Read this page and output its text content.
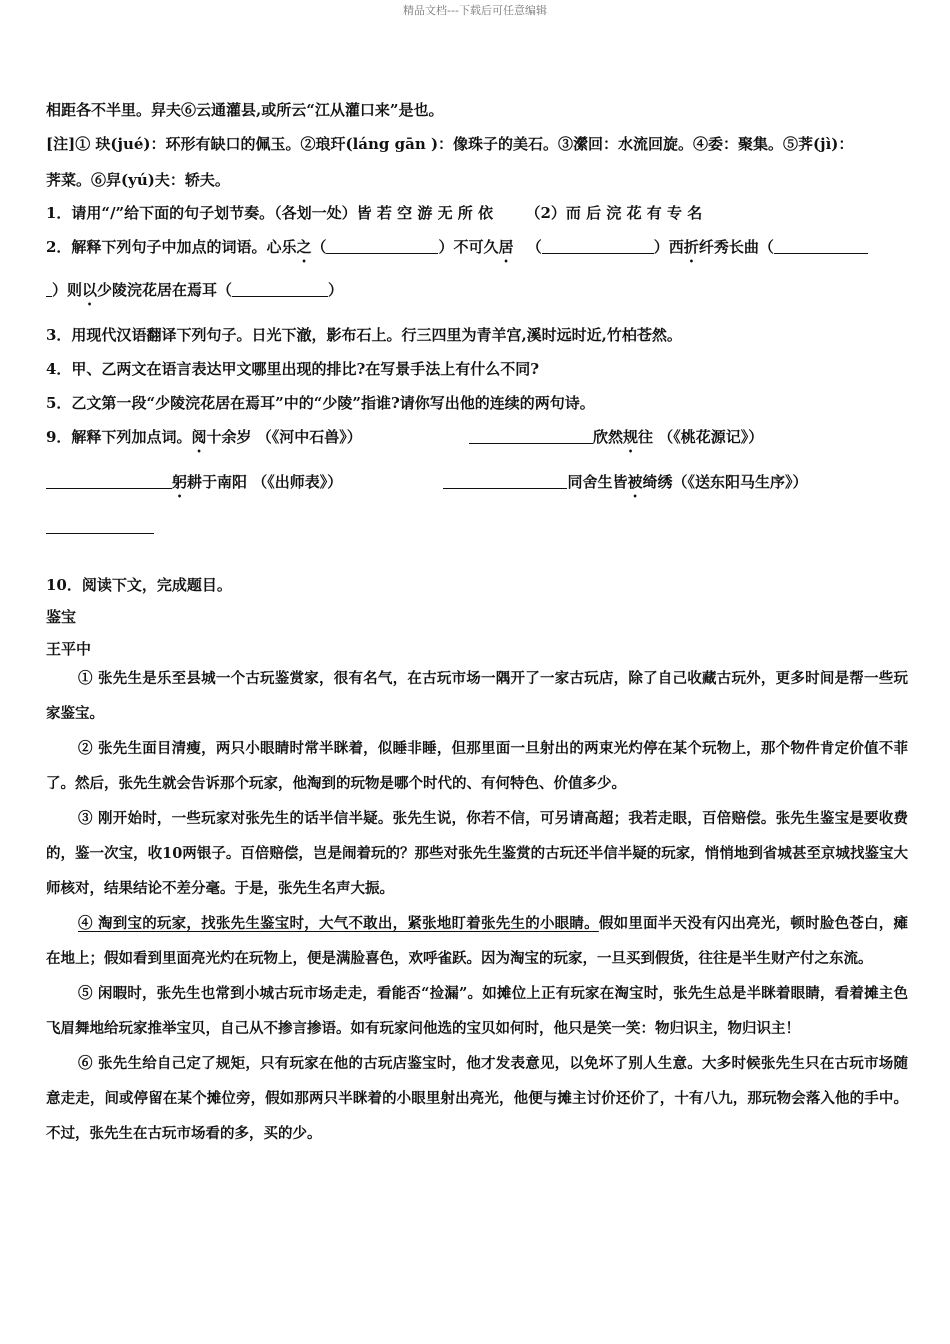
精品文档---下载后可任意编辑
相距各不半里。舁夫⑥云通灌县,或所云“江从灌口来”是也。
[注]① 玦(jué)：环形有缺口的佩玉。②琅玕(láng gān )：像珠子的美石。③瀠回：水流回旋。④委：聚集。⑤荠(jì)：
荠菜。⑥舁(yú)夫：轿夫。
1．请用“/”给下面的句子划节奏。（各划一处）皆 若 空 游 无 所 依 （2）而 后 浣 花 有 专 名
2．解释下列句子中加点的词语。心乐之（	）不可久居 （	）西折纤秀长曲（
）则以少陵浣花居在焉耳（	）
3．用现代汉语翻译下列句子。日光下澈，影布石上。行三四里为青羊宫,溪时远时近,竹柏苍然。
4．甲、乙两文在语言表达甲文哪里出现的排比?在写景手法上有什么不同?
5．乙文第一段“少陵浣花居在焉耳”中的“少陵”指谁?请你写出他的连续的两句诗。
9．解释下列加点词。阅十余岁 （《河中石兽》）	欣然规往 （《桃花源记》）
躬耕于南阳 （《出师表》）	同舍生皆被绮绣（《送东阳马生序》）
10．阅读下文，完成题目。
鉴宝
王平中
① 张先生是乐至县城一个古玩鉴赏家，很有名气，在古玩市场一隅开了一家古玩店，除了自己收藏古玩外，更多时间是帮一些玩家鉴宝。
② 张先生面目清瘦，两只小眼睛时常半眯着，似睡非睡，但那里面一旦射出的两束光灼停在某个玩物上，那个物件肯定价值不菲了。然后，张先生就会告诉那个玩家，他淘到的玩物是哪个时代的、有何特色、价值多少。
③ 刚开始时，一些玩家对张先生的话半信半疑。张先生说，你若不信，可另请高超；我若走眼，百倍赔偿。张先生鉴宝是要收费的，鉴一次宝，收10两银子。百倍赔偿，岂是闹着玩的？那些对张先生鉴赏的古玩还半信半疑的玩家，悄悄地到省城甚至京城找鉴宝大师核对，结果结论不差分毫。于是，张先生名声大振。
④ 淘到宝的玩家，找张先生鉴宝时，大气不敢出，紧张地盯着张先生的小眼睛。假如里面半天没有闪出亮光，顿时脸色苍白，瘫在地上；假如看到里面亮光灼在玩物上，便是满脸喜色，欢呼雀跃。因为淘宝的玩家，一旦买到假货，往往是半生财产付之东流。
⑤ 闲暇时，张先生也常到小城古玩市场走走，看能否“捡漏”。如摊位上正有玩家在淘宝时，张先生总是半眯着眼睛，看着摊主色飞眉舞地给玩家推举宝贝，自己从不掺言掺语。如有玩家问他选的宝贝如何时，他只是笑一笑：物归识主，物归识主！
⑥ 张先生给自己定了规矩，只有玩家在他的古玩店鉴宝时，他才发表意见，以免坏了别人生意。大多时候张先生只在古玩市场随意走走，间或停留在某个摊位旁，假如那两只半眯着的小眼里射出亮光，他便与摊主讨价还价了，十有八九，那玩物会落入他的手中。不过，张先生在古玩市场看的多，买的少。
